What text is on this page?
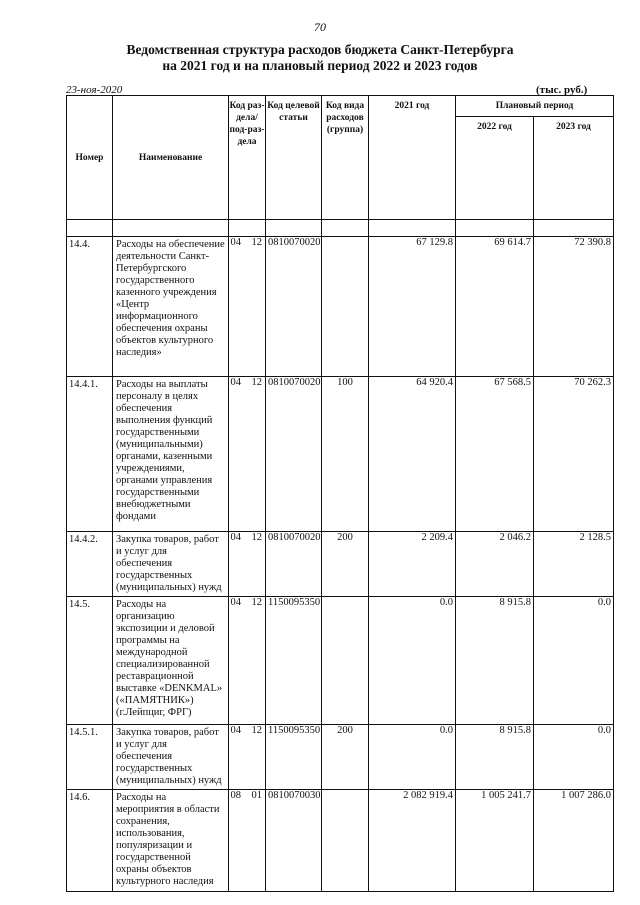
70
Ведомственная структура расходов бюджета Санкт-Петербурга
на 2021 год и на плановый период 2022 и 2023 годов
23-ноя-2020	(тыс. руб.)
Номер	Наименование	Код раз-дела/ под-раз-дела		Код целевой статьи	Код вида расходов (группа)	2021 год	Плановый период	
							2022 год	2023 год

14.4.	Расходы на обеспечение деятельности Санкт-Петербургского государственного казенного учреждения «Центр информационного обеспечения охраны объектов культурного наследия»	04	12	0810070020		67 129.8	69 614.7	72 390.8
14.4.1.	Расходы на выплаты персоналу в целях обеспечения выполнения функций государственными (муниципальными) органами, казенными учреждениями, органами управления государственными внебюджетными фондами	04	12	0810070020	100	64 920.4	67 568.5	70 262.3
14.4.2.	Закупка товаров, работ и услуг для обеспечения государственных (муниципальных) нужд	04	12	0810070020	200	2 209.4	2 046.2	2 128.5
14.5.	Расходы на организацию экспозиции и деловой программы на международной специализированной реставрационной выставке «DENKMAL» («ПАМЯТНИК») (г.Лейпциг, ФРГ)	04	12	1150095350		0.0	8 915.8	0.0
14.5.1.	Закупка товаров, работ и услуг для обеспечения государственных (муниципальных) нужд	04	12	1150095350	200	0.0	8 915.8	0.0
14.6.	Расходы на мероприятия в области сохранения, использования, популяризации и государственной охраны объектов культурного наследия	08	01	0810070030		2 082 919.4	1 005 241.7	1 007 286.0
